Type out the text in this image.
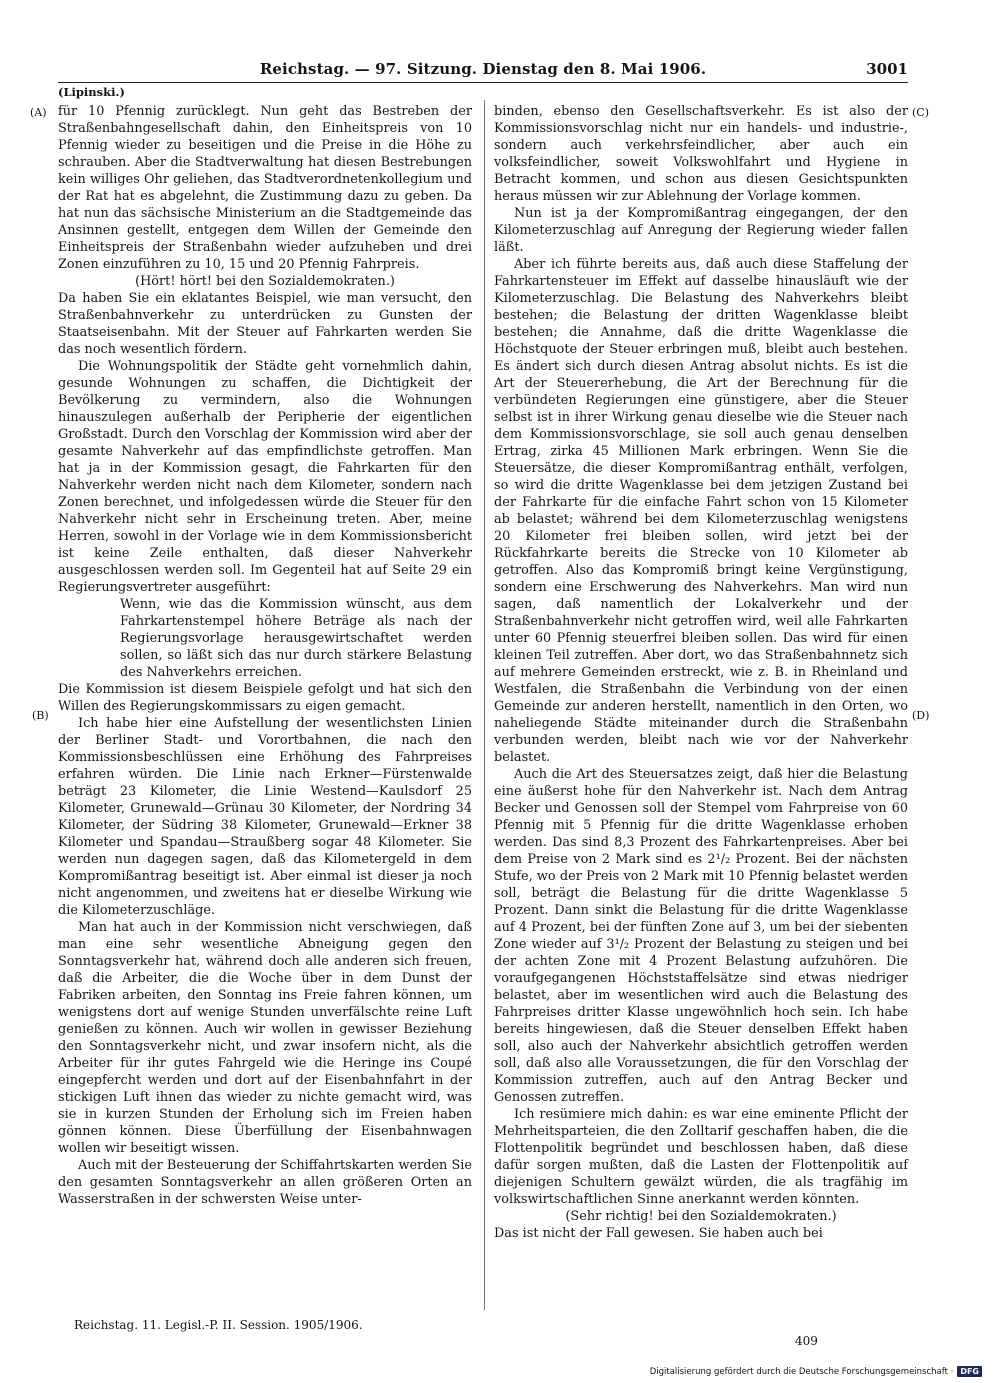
Reichstag. — 97. Sitzung. Dienstag den 8. Mai 1906.	3001
(Lipinski.)

für 10 Pfennig zurücklegt. Nun geht das Bestreben der Straßenbahngesellschaft dahin, den Einheitspreis von 10 Pfennig wieder zu beseitigen und die Preise in die Höhe zu schrauben. Aber die Stadtverwaltung hat diesen Bestrebungen kein williges Ohr geliehen, das Stadtverordnetenkollegium und der Rat hat es abgelehnt, die Zustimmung dazu zu geben. Da hat nun das sächsische Ministerium an die Stadtgemeinde das Ansinnen gestellt, entgegen dem Willen der Gemeinde den Einheitspreis der Straßenbahn wieder aufzuheben und drei Zonen einzuführen zu 10, 15 und 20 Pfennig Fahrpreis.

(Hört! hört! bei den Sozialdemokraten.)

Da haben Sie ein eklatantes Beispiel, wie man versucht, den Straßenbahnverkehr zu unterdrücken zu Gunsten der Staatseisenbahn. Mit der Steuer auf Fahrkarten werden Sie das noch wesentlich fördern.

Die Wohnungspolitik der Städte geht vornehmlich dahin, gesunde Wohnungen zu schaffen, die Dichtigkeit der Bevölkerung zu vermindern, also die Wohnungen hinauszulegen außerhalb der Peripherie der eigentlichen Großstadt. Durch den Vorschlag der Kommission wird aber der gesamte Nahverkehr auf das empfindlichste getroffen. Man hat ja in der Kommission gesagt, die Fahrkarten für den Nahverkehr werden nicht nach dem Kilometer, sondern nach Zonen berechnet, und infolgedessen würde die Steuer für den Nahverkehr nicht sehr in Erscheinung treten. Aber, meine Herren, sowohl in der Vorlage wie in dem Kommissionsbericht ist keine Zeile enthalten, daß dieser Nahverkehr ausgeschlossen werden soll. Im Gegenteil hat auf Seite 29 ein Regierungsvertreter ausgeführt:

Wenn, wie das die Kommission wünscht, aus dem Fahrkartenstempel höhere Beträge als nach der Regierungsvorlage herausgewirtschaftet werden sollen, so läßt sich das nur durch stärkere Belastung des Nahverkehrs erreichen.

Die Kommission ist diesem Beispiele gefolgt und hat sich den Willen des Regierungskommissars zu eigen gemacht.

Ich habe hier eine Aufstellung der wesentlichsten Linien der Berliner Stadt- und Vorortbahnen, die nach den Kommissionsbeschlüssen eine Erhöhung des Fahrpreises erfahren würden. Die Linie nach Erkner—Fürstenwalde beträgt 23 Kilometer, die Linie Westend—Kaulsdorf 25 Kilometer, Grunewald—Grünau 30 Kilometer, der Nordring 34 Kilometer, der Südring 38 Kilometer, Grunewald—Erkner 38 Kilometer und Spandau—Straußberg sogar 48 Kilometer. Sie werden nun dagegen sagen, daß das Kilometergeld in dem Kompromißantrag beseitigt ist. Aber einmal ist dieser ja noch nicht angenommen, und zweitens hat er dieselbe Wirkung wie die Kilometerzuschläge.

Man hat auch in der Kommission nicht verschwiegen, daß man eine sehr wesentliche Abneigung gegen den Sonntagsverkehr hat, während doch alle anderen sich freuen, daß die Arbeiter, die die Woche über in dem Dunst der Fabriken arbeiten, den Sonntag ins Freie fahren können, um wenigstens dort auf wenige Stunden unverfälschte reine Luft genießen zu können. Auch wir wollen in gewisser Beziehung den Sonntagsverkehr nicht, und zwar insofern nicht, als die Arbeiter für ihr gutes Fahrgeld wie die Heringe ins Coupé eingepfercht werden und dort auf der Eisenbahnfahrt in der stickigen Luft ihnen das wieder zu nichte gemacht wird, was sie in kurzen Stunden der Erholung sich im Freien haben gönnen können. Diese Überfüllung der Eisenbahnwagen wollen wir beseitigt wissen.

Auch mit der Besteuerung der Schiffahrtskarten werden Sie den gesamten Sonntagsverkehr an allen größeren Orten an Wasserstraßen in der schwersten Weise unter-

binden, ebenso den Gesellschaftsverkehr. Es ist also der Kommissionsvorschlag nicht nur ein handels- und industrie-, sondern auch verkehrsfeindlicher, aber auch ein volksfeindlicher, soweit Volkswohlfahrt und Hygiene in Betracht kommen, und schon aus diesen Gesichtspunkten heraus müssen wir zur Ablehnung der Vorlage kommen.

Nun ist ja der Kompromißantrag eingegangen, der den Kilometerzuschlag auf Anregung der Regierung wieder fallen läßt.

Aber ich führte bereits aus, daß auch diese Staffelung der Fahrkartensteuer im Effekt auf dasselbe hinausläuft wie der Kilometerzuschlag. Die Belastung des Nahverkehrs bleibt bestehen; die Belastung der dritten Wagenklasse bleibt bestehen; die Annahme, daß die dritte Wagenklasse die Höchstquote der Steuer erbringen muß, bleibt auch bestehen. Es ändert sich durch diesen Antrag absolut nichts. Es ist die Art der Steuererhebung, die Art der Berechnung für die verbündeten Regierungen eine günstigere, aber die Steuer selbst ist in ihrer Wirkung genau dieselbe wie die Steuer nach dem Kommissionsvorschlage, sie soll auch genau denselben Ertrag, zirka 45 Millionen Mark erbringen. Wenn Sie die Steuersätze, die dieser Kompromißantrag enthält, verfolgen, so wird die dritte Wagenklasse bei dem jetzigen Zustand bei der Fahrkarte für die einfache Fahrt schon von 15 Kilometer ab belastet; während bei dem Kilometerzuschlag wenigstens 20 Kilometer frei bleiben sollen, wird jetzt bei der Rückfahrkarte bereits die Strecke von 10 Kilometer ab getroffen. Also das Kompromiß bringt keine Vergünstigung, sondern eine Erschwerung des Nahverkehrs. Man wird nun sagen, daß namentlich der Lokalverkehr und der Straßenbahnverkehr nicht getroffen wird, weil alle Fahrkarten unter 60 Pfennig steuerfrei bleiben sollen. Das wird für einen kleinen Teil zutreffen. Aber dort, wo das Straßenbahnnetz sich auf mehrere Gemeinden erstreckt, wie z. B. in Rheinland und Westfalen, die Straßenbahn die Verbindung von der einen Gemeinde zur anderen herstellt, namentlich in den Orten, wo naheliegende Städte miteinander durch die Straßenbahn verbunden werden, bleibt nach wie vor der Nahverkehr belastet.

Auch die Art des Steuersatzes zeigt, daß hier die Belastung eine äußerst hohe für den Nahverkehr ist. Nach dem Antrag Becker und Genossen soll der Stempel vom Fahrpreise von 60 Pfennig mit 5 Pfennig für die dritte Wagenklasse erhoben werden. Das sind 8,3 Prozent des Fahrkartenpreises. Aber bei dem Preise von 2 Mark sind es 2¹/₂ Prozent. Bei der nächsten Stufe, wo der Preis von 2 Mark mit 10 Pfennig belastet werden soll, beträgt die Belastung für die dritte Wagenklasse 5 Prozent. Dann sinkt die Belastung für die dritte Wagenklasse auf 4 Prozent, bei der fünften Zone auf 3, um bei der siebenten Zone wieder auf 3¹/₂ Prozent der Belastung zu steigen und bei der achten Zone mit 4 Prozent Belastung aufzuhören. Die voraufgegangenen Höchststaffelsätze sind etwas niedriger belastet, aber im wesentlichen wird auch die Belastung des Fahrpreises dritter Klasse ungewöhnlich hoch sein. Ich habe bereits hingewiesen, daß die Steuer denselben Effekt haben soll, also auch der Nahverkehr absichtlich getroffen werden soll, daß also alle Voraussetzungen, die für den Vorschlag der Kommission zutreffen, auch auf den Antrag Becker und Genossen zutreffen.

Ich resümiere mich dahin: es war eine eminente Pflicht der Mehrheitsparteien, die den Zolltarif geschaffen haben, die die Flottenpolitik begründet und beschlossen haben, daß diese dafür sorgen mußten, daß die Lasten der Flottenpolitik auf diejenigen Schultern gewälzt würden, die als tragfähig im volkswirtschaftlichen Sinne anerkannt werden könnten.

(Sehr richtig! bei den Sozialdemokraten.)

Das ist nicht der Fall gewesen. Sie haben auch bei

(A)
(B)
(C)
(D)
Reichstag. 11. Legisl.-P. II. Session. 1905/1906.
409
Digitalisierung gefördert durch die Deutsche Forschungsgemeinschaft · DFG
